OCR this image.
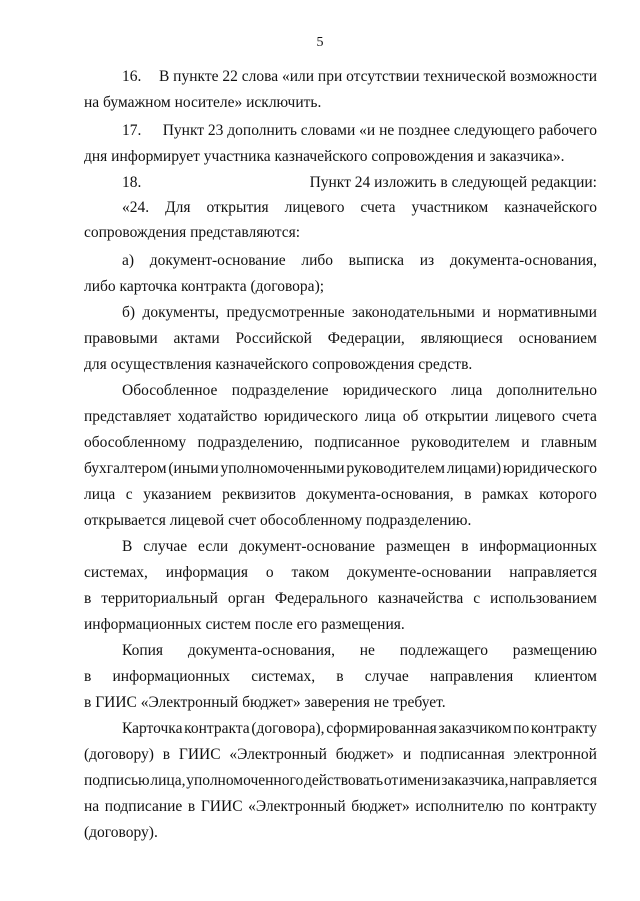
5
16. В пункте 22 слова «или при отсутствии технической возможности
на бумажном носителе» исключить.
17. Пункт 23 дополнить словами «и не позднее следующего рабочего
дня информирует участника казначейского сопровождения и заказчика».
18.	Пункт 24 изложить в следующей редакции:
«24. Для открытия лицевого счета участником казначейского
сопровождения представляются:
а) документ-основание либо выписка из документа-основания,
либо карточка контракта (договора);
б) документы, предусмотренные законодательными и нормативными
правовыми актами Российской Федерации, являющиеся основанием
для осуществления казначейского сопровождения средств.
Обособленное подразделение юридического лица дополнительно
представляет ходатайство юридического лица об открытии лицевого счета
обособленному подразделению, подписанное руководителем и главным
бухгалтером (иными уполномоченными руководителем лицами) юридического
лица с указанием реквизитов документа-основания, в рамках которого
открывается лицевой счет обособленному подразделению.
В случае если документ-основание размещен в информационных
системах, информация о таком документе-основании направляется
в территориальный орган Федерального казначейства с использованием
информационных систем после его размещения.
Копия документа-основания, не подлежащего размещению
в информационных системах, в случае направления клиентом
в ГИИС «Электронный бюджет» заверения не требует.
Карточка контракта (договора), сформированная заказчиком по контракту
(договору) в ГИИС «Электронный бюджет» и подписанная электронной
подписью лица, уполномоченного действовать от имени заказчика, направляется
на подписание в ГИИС «Электронный бюджет» исполнителю по контракту
(договору).
